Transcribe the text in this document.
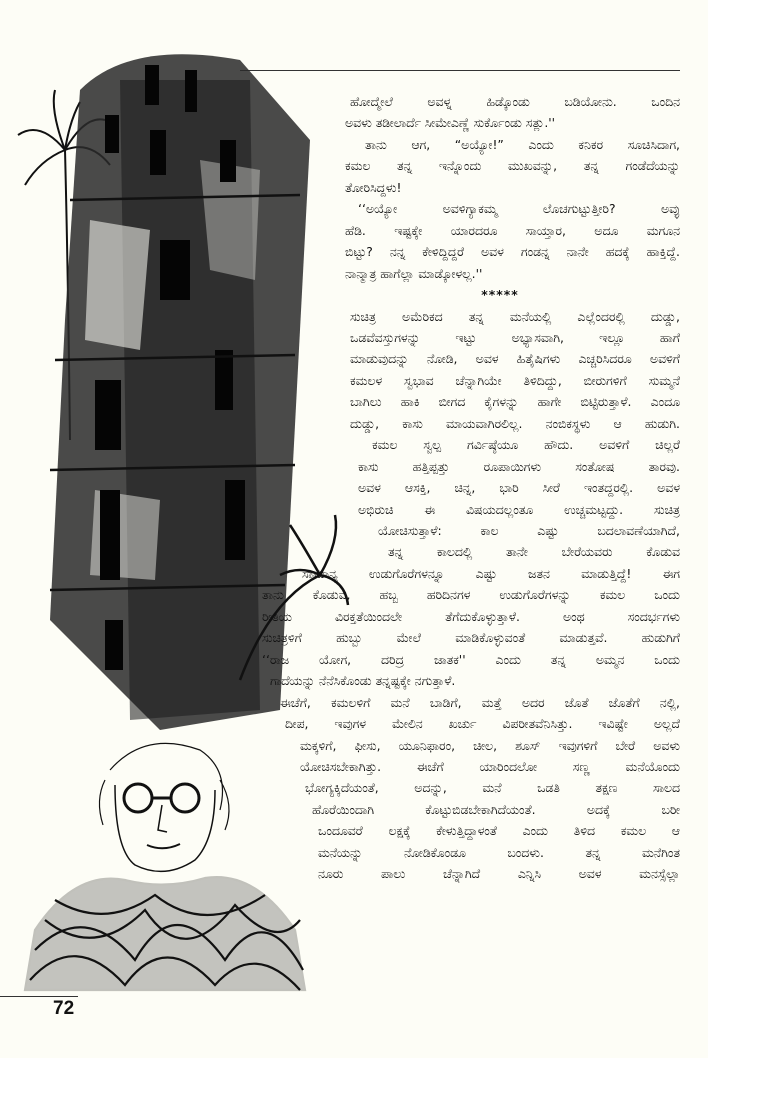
ಹೋದ್ಮೇಲೆ ಅವಳ್ನ ಹಿಡ್ಕೊಂಡು ಬಡಿಯೋನು. ಒಂದಿನ
ಅವಳು ತಡೀಲಾರ್ದೆ ಸೀಮೇಎಣ್ಣೆ ಸುರ್ಕೊಂಡು ಸತ್ಲು.''
ತಾನು ಆಗ, “ಅಯ್ಯೋ!” ಎಂದು ಕನಿಕರ ಸೂಚಿಸಿದಾಗ,
ಕಮಲ ತನ್ನ ಇನ್ನೊಂದು ಮುಖವನ್ನು, ತನ್ನ ಗಂಡೆದೆಯನ್ನು
ತೋರಿಸಿದ್ದಳು!
‘‘ಅಯ್ಯೋ ಅವಳಿಗ್ಯಾಕಮ್ಮ ಲೊಚಗುಟ್ಟುತ್ತೀರಿ? ಅವ್ಳು
ಹೆಡಿ. ಇಷ್ಟಕ್ಕೇ ಯಾರದರೂ ಸಾಯ್ತಾರ, ಅದೂ ಮಗೂನ
ಬಿಟ್ಟು? ನನ್ನ ಕೇಳಿದ್ದಿದ್ದರೆ ಅವಳ ಗಂಡನ್ನ ನಾನೇ ಹದಕ್ಕೆ ಹಾಕ್ತಿದ್ದೆ.
ನಾನ್ಮಾತ್ರ ಹಾಗೆಲ್ಲಾ ಮಾಡ್ಕೋಳಲ್ಲ.''
*****
ಸುಚಿತ್ರ ಅಮೆರಿಕದ ತನ್ನ ಮನೆಯಲ್ಲಿ ಎಲ್ಲೆಂದರಲ್ಲಿ ದುಡ್ಡು,
ಒಡವೆವಸ್ತುಗಳನ್ನು ಇಟ್ಟು ಅಭ್ಯಾಸವಾಗಿ, ಇಲ್ಲೂ ಹಾಗೆ
ಮಾಡುವುದನ್ನು ನೋಡಿ, ಅವಳ ಹಿತೈಷಿಗಳು ಎಚ್ಚರಿಸಿದರೂ ಅವಳಿಗೆ
ಕಮಲಳ ಸ್ವಭಾವ ಚೆನ್ನಾಗಿಯೇ ತಿಳಿದಿದ್ದು, ಬೀರುಗಳಿಗೆ ಸುಮ್ಮನೆ
ಬಾಗಿಲು ಹಾಕಿ ಬೀಗದ ಕೈಗಳನ್ನು ಹಾಗೇ ಬಿಟ್ಟಿರುತ್ತಾಳೆ. ಎಂದೂ
ದುಡ್ಡು, ಕಾಸು ಮಾಯವಾಗಿರಲಿಲ್ಲ. ನಂಬಿಕಸ್ಥಳು ಆ ಹುಡುಗಿ.
ಕಮಲ ಸ್ವಲ್ಪ ಗರ್ವಿಷ್ಠೆಯೂ ಹೌದು. ಅವಳಿಗೆ ಚಿಲ್ಲರೆ
ಕಾಸು ಹತ್ತಿಪ್ಪತ್ತು ರೂಪಾಯಿಗಳು ಸಂತೋಷ ತಾರವು.
ಅವಳ ಆಸಕ್ತಿ, ಚಿನ್ನ, ಭಾರಿ ಸೀರೆ ಇಂತದ್ದರಲ್ಲಿ. ಅವಳ
ಅಭಿರುಚಿ ಈ ವಿಷಯದಲ್ಲಂತೂ ಉಚ್ಚಮಟ್ಟದ್ದು. ಸುಚಿತ್ರ
ಯೋಚಿಸುತ್ತಾಳೆ: ಕಾಲ ಎಷ್ಟು ಬದಲಾವಣೆಯಾಗಿದೆ,
ತನ್ನ ಕಾಲದಲ್ಲಿ ತಾನೇ ಬೇರೆಯವರು ಕೊಡುವ
ಸಾಮಾನ್ಯ ಉಡುಗೊರೆಗಳನ್ನೂ ಎಷ್ಟು ಜತನ ಮಾಡುತ್ತಿದ್ದೆ! ಈಗ
ತಾನು ಕೊಡುವ, ಹಬ್ಬ ಹರಿದಿನಗಳ ಉಡುಗೊರೆಗಳನ್ನು ಕಮಲ ಒಂದು
ರೀತಿಯ ವಿರಕ್ತತೆಯಿಂದಲೇ ತೆಗೆದುಕೊಳ್ಳುತ್ತಾಳೆ. ಅಂಥ ಸಂದರ್ಭಗಳು
ಸುಚಿತ್ರಳಿಗೆ ಹುಬ್ಬು ಮೇಲೆ ಮಾಡಿಕೊಳ್ಳುವಂತೆ ಮಾಡುತ್ತವೆ. ಹುಡುಗಿಗೆ
‘‘ರಾಜ ಯೋಗ, ದರಿದ್ರ ಜಾತಕ'' ಎಂದು ತನ್ನ ಅಮ್ಮನ ಒಂದು
ಗಾದೆಯನ್ನು ನೆನೆಸಿಕೊಂಡು ತನ್ನಷ್ಟಕ್ಕೇ ನಗುತ್ತಾಳೆ.
ಈಚೆಗೆ, ಕಮಲಳಿಗೆ ಮನೆ ಬಾಡಿಗೆ, ಮತ್ತೆ ಅದರ ಜೊತೆ ಜೊತೆಗೆ ನಲ್ಲಿ,
ದೀಪ, ಇವುಗಳ ಮೇಲಿನ ಖರ್ಚು ವಿಪರೀತವೆನಿಸಿತ್ತು. ಇವಿಷ್ಟೇ ಅಲ್ಲದೆ
ಮಕ್ಕಳಿಗೆ, ಫೀಸು, ಯೂನಿಫಾರಂ, ಚೀಲ, ಶೂಸ್ ಇವುಗಳಿಗೆ ಬೇರೆ ಅವಳು
ಯೋಚಿಸಬೇಕಾಗಿತ್ತು. ಈಚೆಗೆ ಯಾರಿಂದಲೋ ಸಣ್ಣ ಮನೆಯೊಂದು
ಭೋಗ್ಯಕ್ಕಿದೆಯಂತೆ, ಅದನ್ನು, ಮನೆ ಒಡತಿ ತಕ್ಷಣ ಸಾಲದ
ಹೊರೆಯಿಂದಾಗಿ ಕೊಟ್ಟುಬಿಡಬೇಕಾಗಿದೆಯಂತೆ. ಅದಕ್ಕೆ ಬರೀ
ಒಂದೂವರೆ ಲಕ್ಷಕ್ಕೆ ಕೇಳುತ್ತಿದ್ದಾಳಂತೆ ಎಂದು ತಿಳಿದ ಕಮಲ ಆ
ಮನೆಯನ್ನು ನೋಡಿಕೊಂಡೂ ಬಂದಳು. ತನ್ನ ಮನೆಗಿಂತ
ನೂರು ಪಾಲು ಚೆನ್ನಾಗಿದೆ ಎನ್ನಿಸಿ ಅವಳ ಮನಸ್ಸೆಲ್ಲಾ
72
